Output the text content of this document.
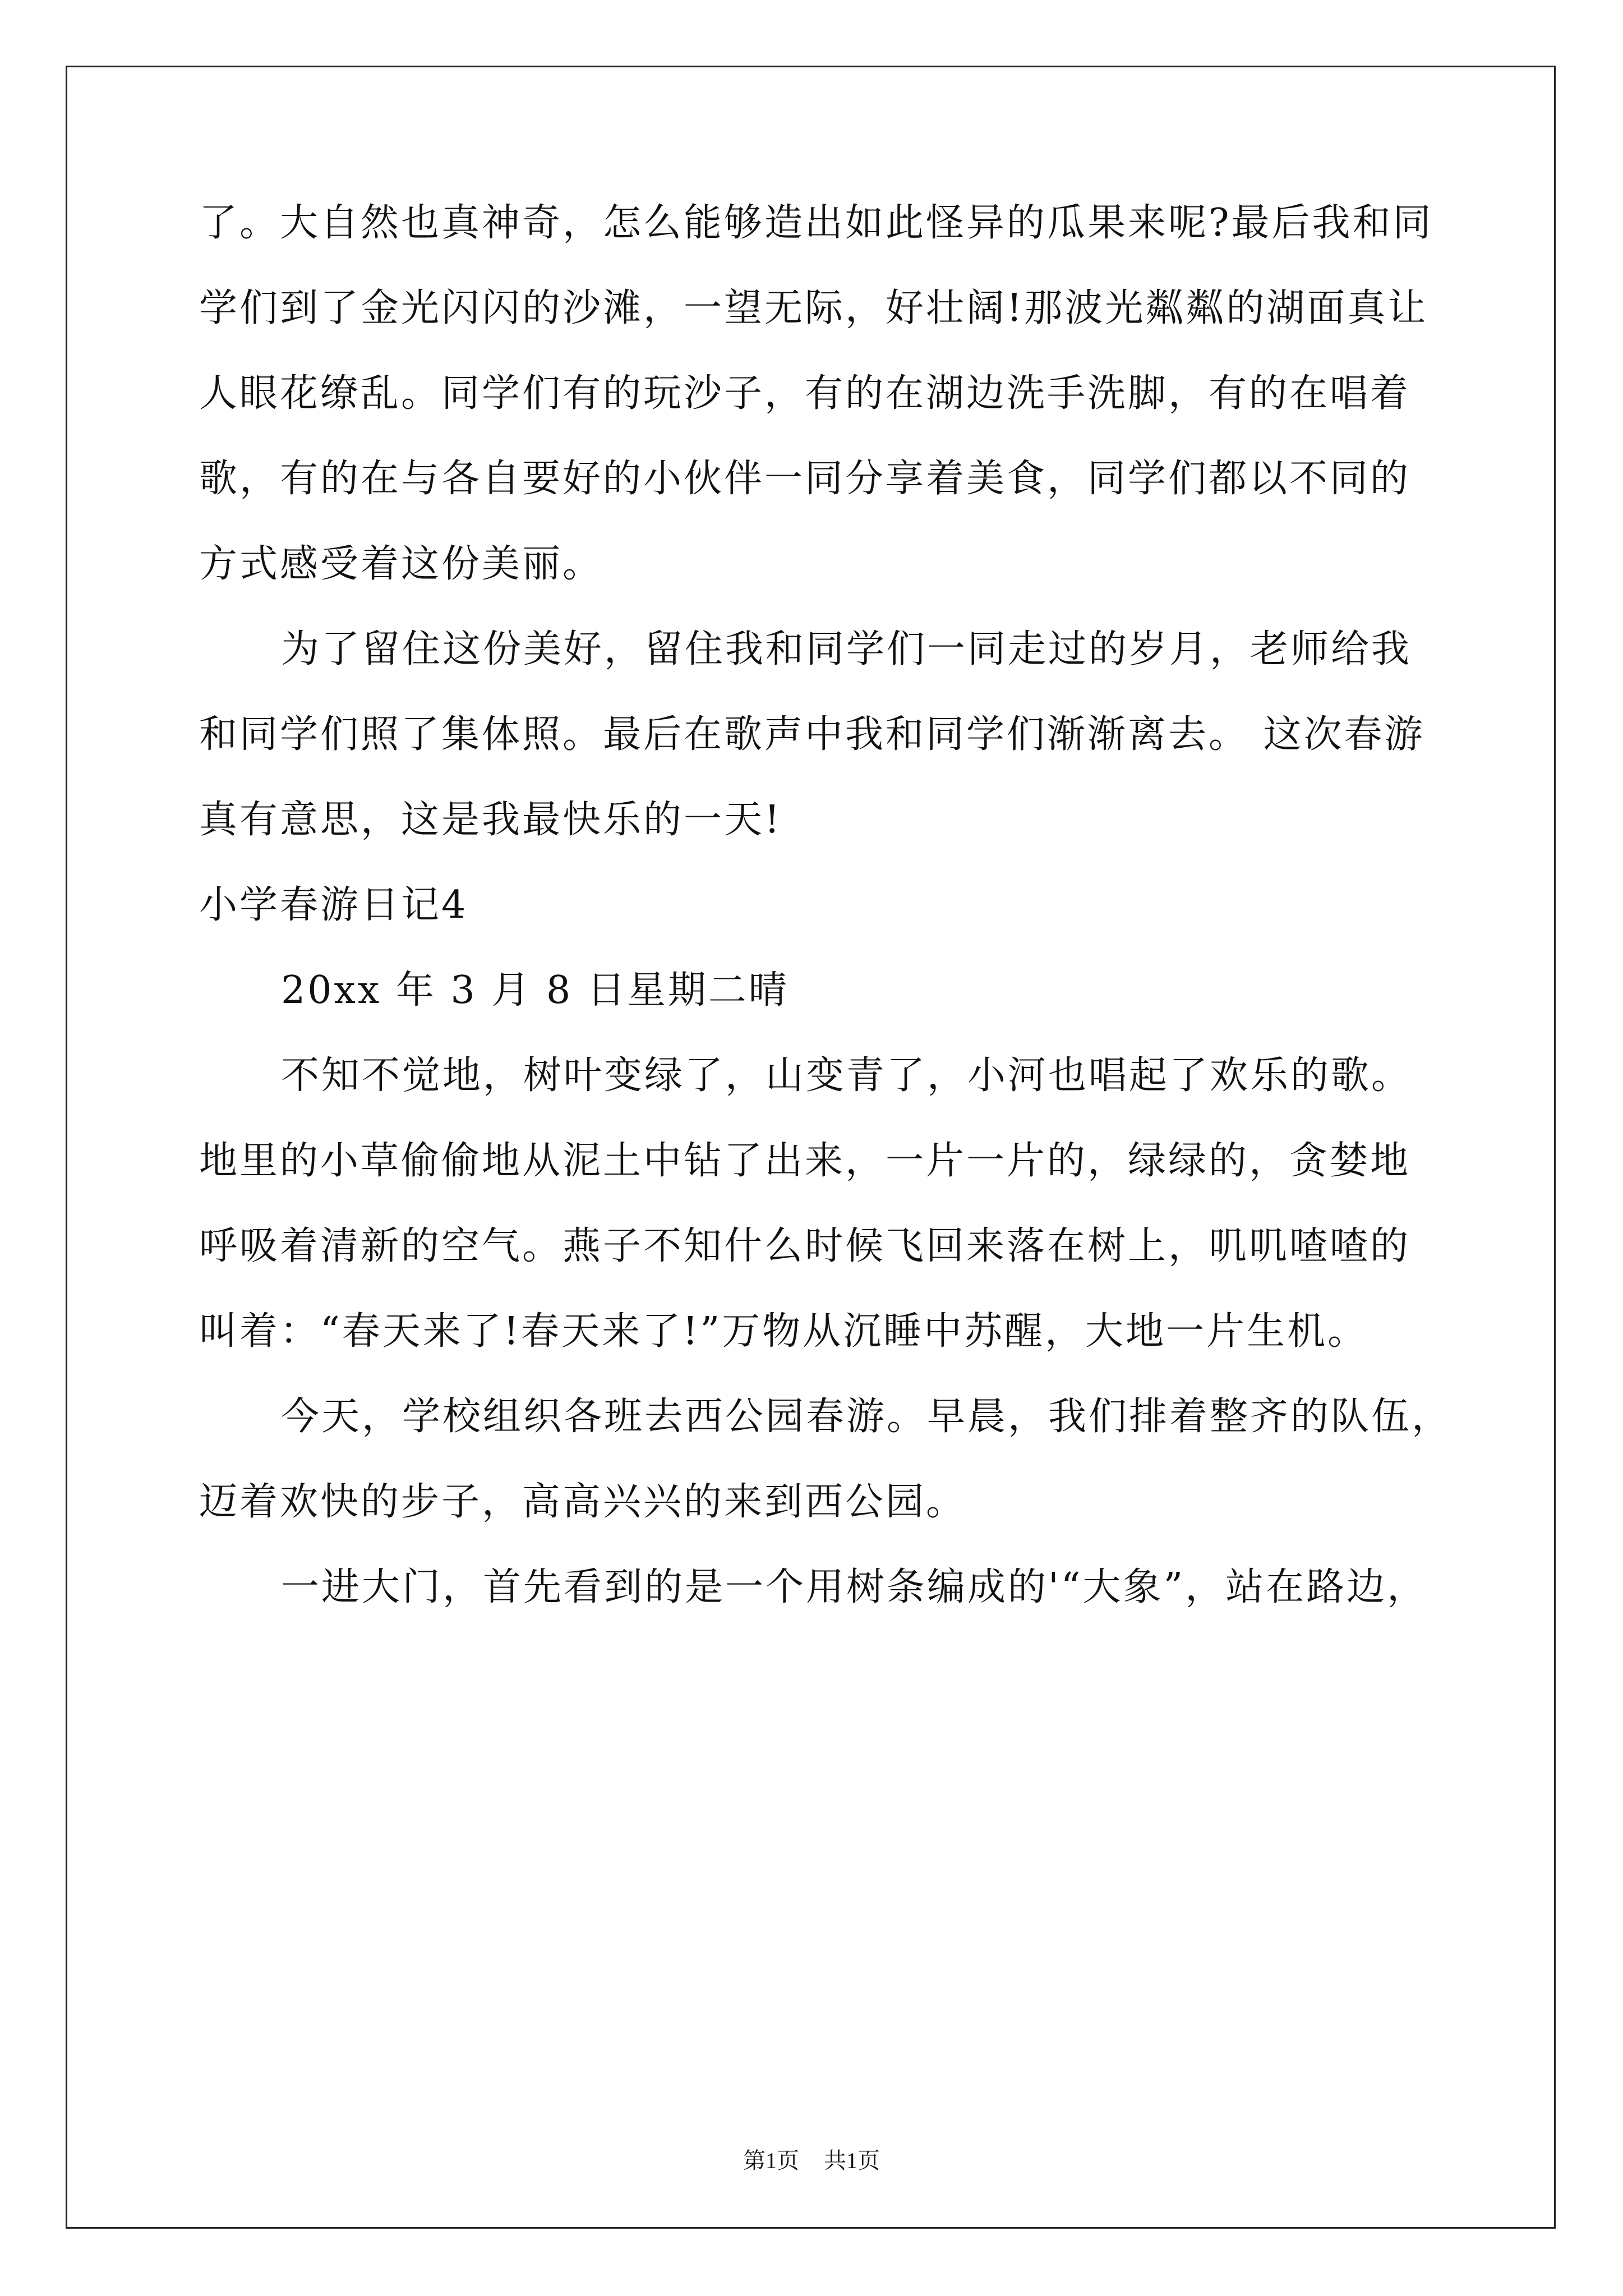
了。大自然也真神奇，怎么能够造出如此怪异的瓜果来呢?最后我和同
学们到了金光闪闪的沙滩，一望无际，好壮阔!那波光粼粼的湖面真让
人眼花缭乱。同学们有的玩沙子，有的在湖边洗手洗脚，有的在唱着
歌，有的在与各自要好的小伙伴一同分享着美食，同学们都以不同的
方式感受着这份美丽。
为了留住这份美好，留住我和同学们一同走过的岁月，老师给我
和同学们照了集体照。最后在歌声中我和同学们渐渐离去。 这次春游
真有意思，这是我最快乐的一天!
小学春游日记4
20xx 年 3 月 8 日星期二晴
不知不觉地，树叶变绿了，山变青了，小河也唱起了欢乐的歌。
地里的小草偷偷地从泥土中钻了出来，一片一片的，绿绿的，贪婪地
呼吸着清新的空气。燕子不知什么时候飞回来落在树上，叽叽喳喳的
叫着：“春天来了!春天来了!”万物从沉睡中苏醒，大地一片生机。
今天，学校组织各班去西公园春游。早晨，我们排着整齐的队伍，
迈着欢快的步子，高高兴兴的来到西公园。
一进大门，首先看到的是一个用树条编成的'“大象”，站在路边，
第1页 共1页
